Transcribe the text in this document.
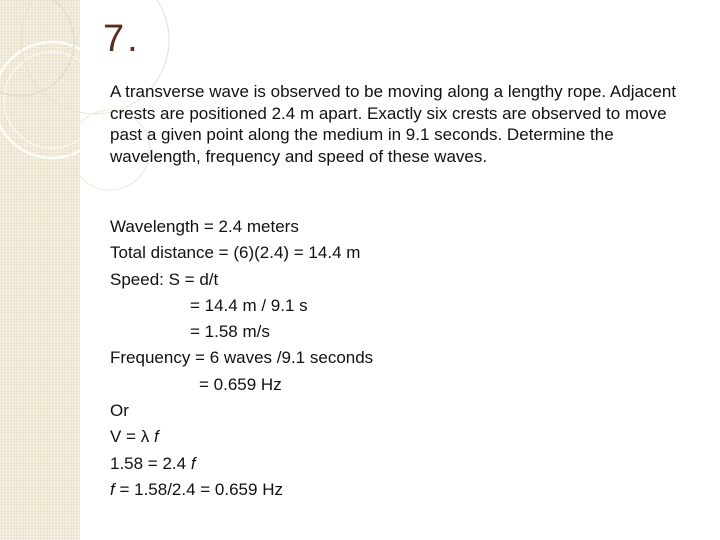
7.

A transverse wave is observed to be moving along a lengthy rope. Adjacent crests are positioned 2.4 m apart. Exactly six crests are observed to move past a given point along the medium in 9.1 seconds. Determine the wavelength, frequency and speed of these waves.

Wavelength = 2.4 meters
Total distance = (6)(2.4) = 14.4 m
Speed: S = d/t
= 14.4 m / 9.1 s
= 1.58 m/s
Frequency = 6 waves /9.1 seconds
= 0.659 Hz
Or
V = λ f
1.58 = 2.4 f
f = 1.58/2.4 = 0.659 Hz
